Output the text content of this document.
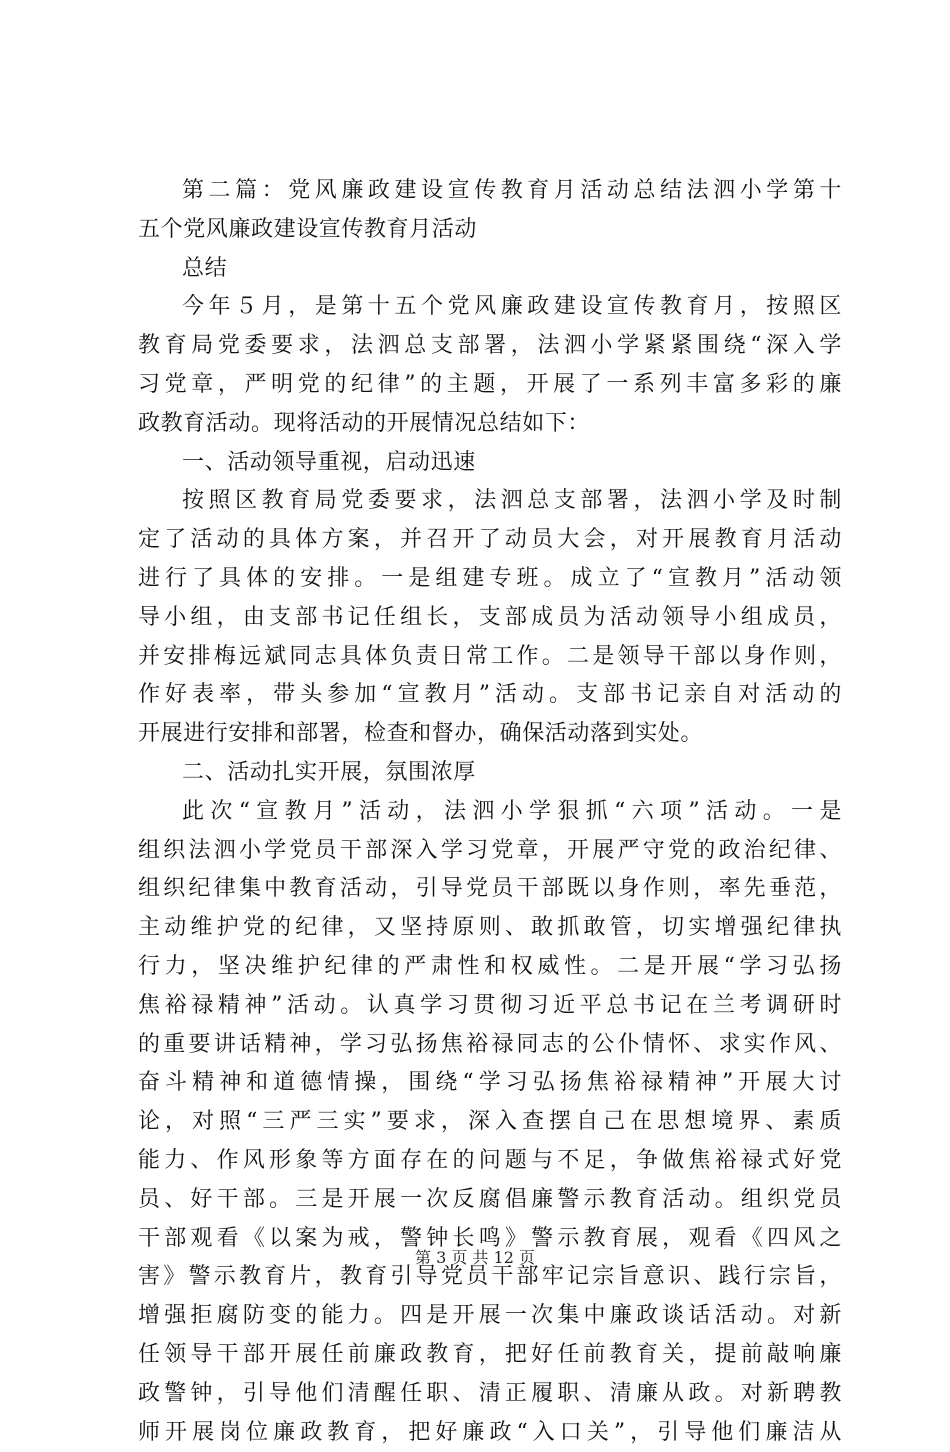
第二篇：党风廉政建设宣传教育月活动总结法泗小学第十
五个党风廉政建设宣传教育月活动
总结
今年５月，是第十五个党风廉政建设宣传教育月，按照区
教育局党委要求，法泗总支部署，法泗小学紧紧围绕“深入学
习党章，严明党的纪律”的主题，开展了一系列丰富多彩的廉
政教育活动。现将活动的开展情况总结如下：
一、活动领导重视，启动迅速
按照区教育局党委要求，法泗总支部署，法泗小学及时制
定了活动的具体方案，并召开了动员大会，对开展教育月活动
进行了具体的安排。一是组建专班。成立了“宣教月”活动领
导小组，由支部书记任组长，支部成员为活动领导小组成员，
并安排梅远斌同志具体负责日常工作。二是领导干部以身作则，
作好表率，带头参加“宣教月”活动。支部书记亲自对活动的
开展进行安排和部署，检查和督办，确保活动落到实处。
二、活动扎实开展，氛围浓厚
此次“宣教月”活动，法泗小学狠抓“六项”活动。一是
组织法泗小学党员干部深入学习党章，开展严守党的政治纪律、
组织纪律集中教育活动，引导党员干部既以身作则，率先垂范，
主动维护党的纪律，又坚持原则、敢抓敢管，切实增强纪律执
行力，坚决维护纪律的严肃性和权威性。二是开展“学习弘扬
焦裕禄精神”活动。认真学习贯彻习近平总书记在兰考调研时
的重要讲话精神，学习弘扬焦裕禄同志的公仆情怀、求实作风、
奋斗精神和道德情操，围绕“学习弘扬焦裕禄精神”开展大讨
论，对照“三严三实”要求，深入查摆自己在思想境界、素质
能力、作风形象等方面存在的问题与不足，争做焦裕禄式好党
员、好干部。三是开展一次反腐倡廉警示教育活动。组织党员
干部观看《以案为戒，警钟长鸣》警示教育展，观看《四风之
害》警示教育片，教育引导党员干部牢记宗旨意识、践行宗旨，
增强拒腐防变的能力。四是开展一次集中廉政谈话活动。对新
任领导干部开展任前廉政教育，把好任前教育关，提前敲响廉
政警钟，引导他们清醒任职、清正履职、清廉从政。对新聘教
师开展岗位廉政教育，把好廉政“入口关”，引导他们廉洁从
第 3 页 共 12 页
